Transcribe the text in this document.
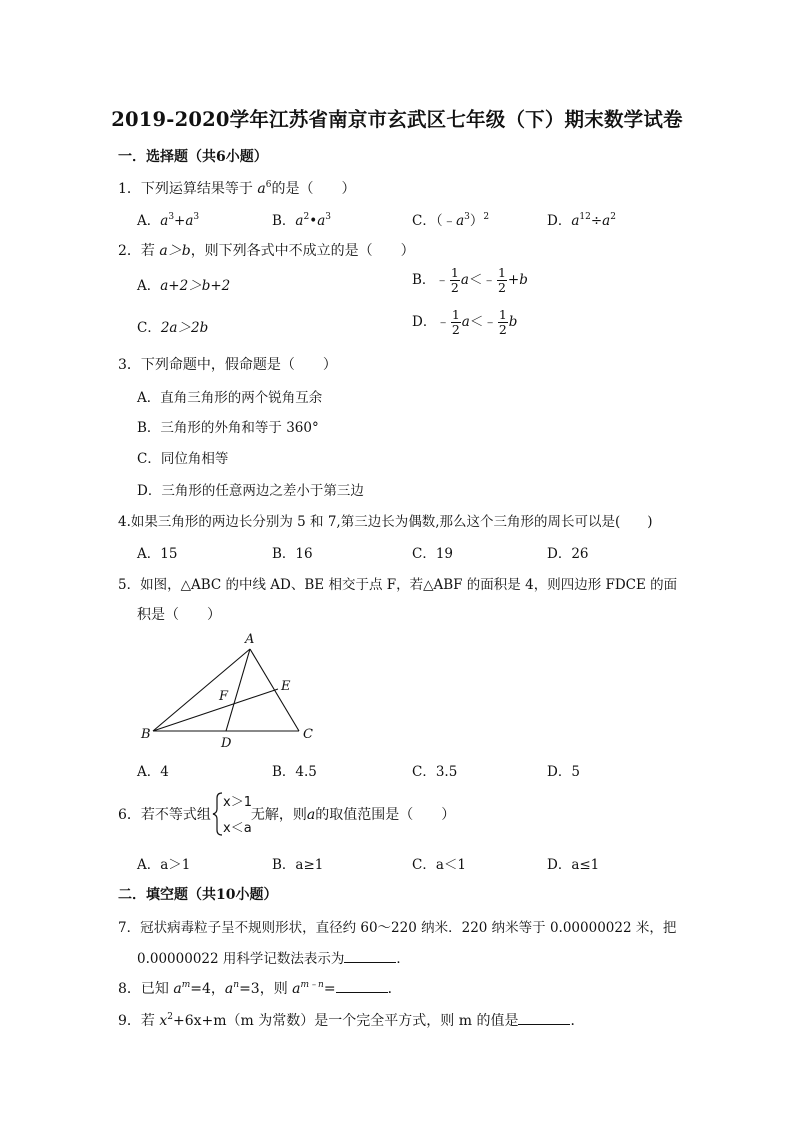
2019-2020学年江苏省南京市玄武区七年级（下）期末数学试卷
一．选择题（共6小题）
1．下列运算结果等于 $a^6$的是（　　）
A．$a^3+a^3$	B．$a^2•a^3$	C．$(﹣a^3)^2$	D．$a^{12}\div a^2$
2．若 a＞b，则下列各式中不成立的是（　　）
A．a+2＞b+2	B．﹣ $\frac{1}{2}$ a＜﹣ $\frac{1}{2} +b$
C．2a＞2b	D．﹣ $\frac{1}{2}$ a＜﹣ $\frac{1}{2}$ b
3．下列命题中，假命题是（　　）
A．直角三角形的两个锐角互余
B．三角形的外角和等于 360°
C．同位角相等
D．三角形的任意两边之差小于第三边
4.如果三角形的两边长分别为 5 和 7,第三边长为偶数,那么这个三角形的周长可以是(　　)
A．15	B．16	C．19	D．26
5．如图，△ABC 的中线 AD、BE 相交于点 F，若△ABF 的面积是 4，则四边形 FDCE 的面
积是（　　）
A
B	C
D
E
F
A．4	B．4.5	C．3.5	D．5
6．若不等式组	无解，则a的取值范围是（　　）
x＞1
x＜a
A．a＞1	B．a≥1	C．a＜1	D．a≤1
二．填空题（共10小题）
7．冠状病毒粒子呈不规则形状，直径约 60～220 纳米．220 纳米等于 0.00000022 米，把
0.00000022 用科学记数法表示为	．
8．已知 $a^m=4$，$a^n=3$，则 $a^{m﹣n}=$	．
9．若 $x^2+6x+m(m$ 为常数）是一个完全平方式，则 m 的值是	．
